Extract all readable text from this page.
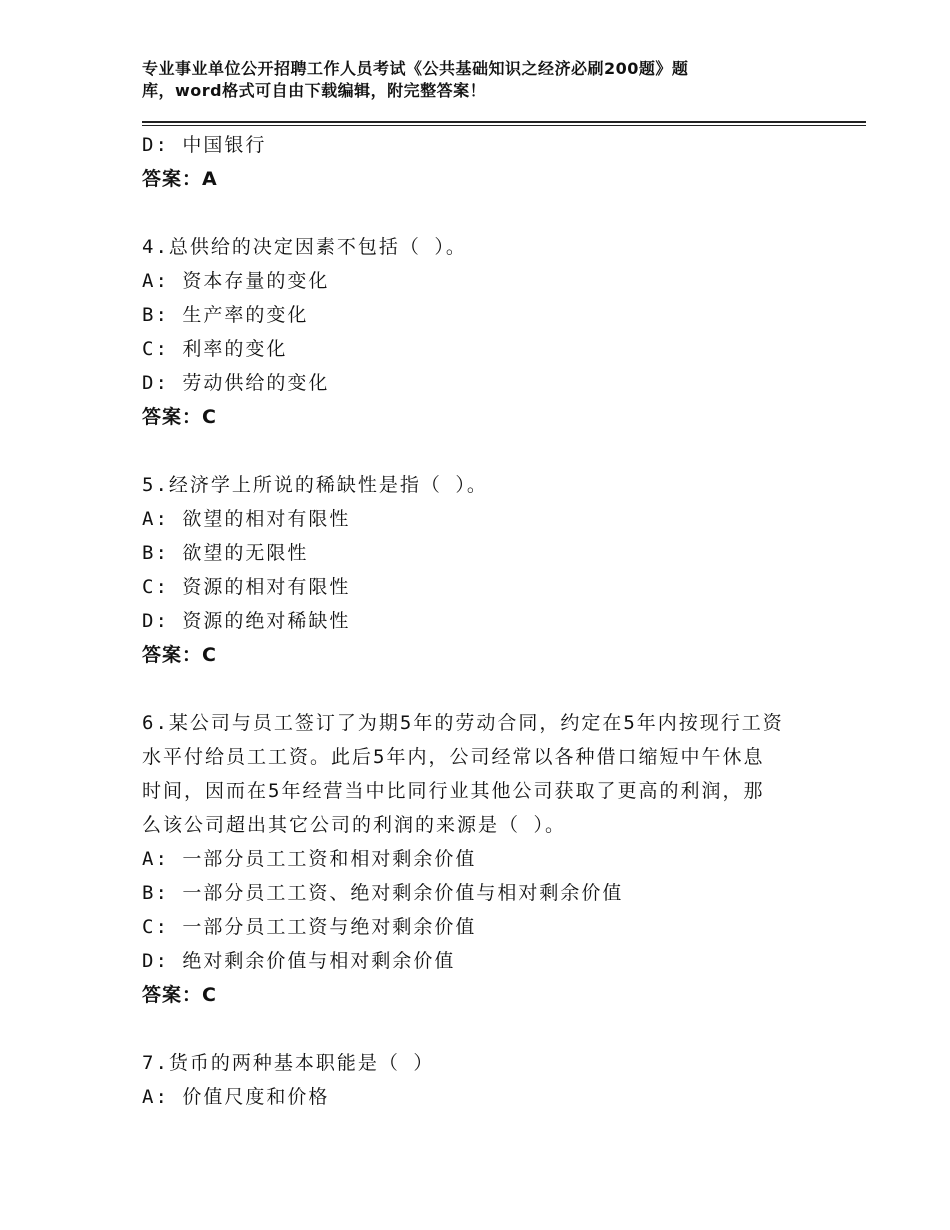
专业事业单位公开招聘工作人员考试《公共基础知识之经济必刷200题》题
库，word格式可自由下载编辑，附完整答案！
D: 中国银行
答案：A
4.总供给的决定因素不包括（ ）。
A: 资本存量的变化
B: 生产率的变化
C: 利率的变化
D: 劳动供给的变化
答案：C
5.经济学上所说的稀缺性是指（ ）。
A: 欲望的相对有限性
B: 欲望的无限性
C: 资源的相对有限性
D: 资源的绝对稀缺性
答案：C
6.某公司与员工签订了为期5年的劳动合同，约定在5年内按现行工资
水平付给员工工资。此后5年内，公司经常以各种借口缩短中午休息
时间，因而在5年经营当中比同行业其他公司获取了更高的利润，那
么该公司超出其它公司的利润的来源是（ ）。
A: 一部分员工工资和相对剩余价值
B: 一部分员工工资、绝对剩余价值与相对剩余价值
C: 一部分员工工资与绝对剩余价值
D: 绝对剩余价值与相对剩余价值
答案：C
7.货币的两种基本职能是（ ）
A: 价值尺度和价格
